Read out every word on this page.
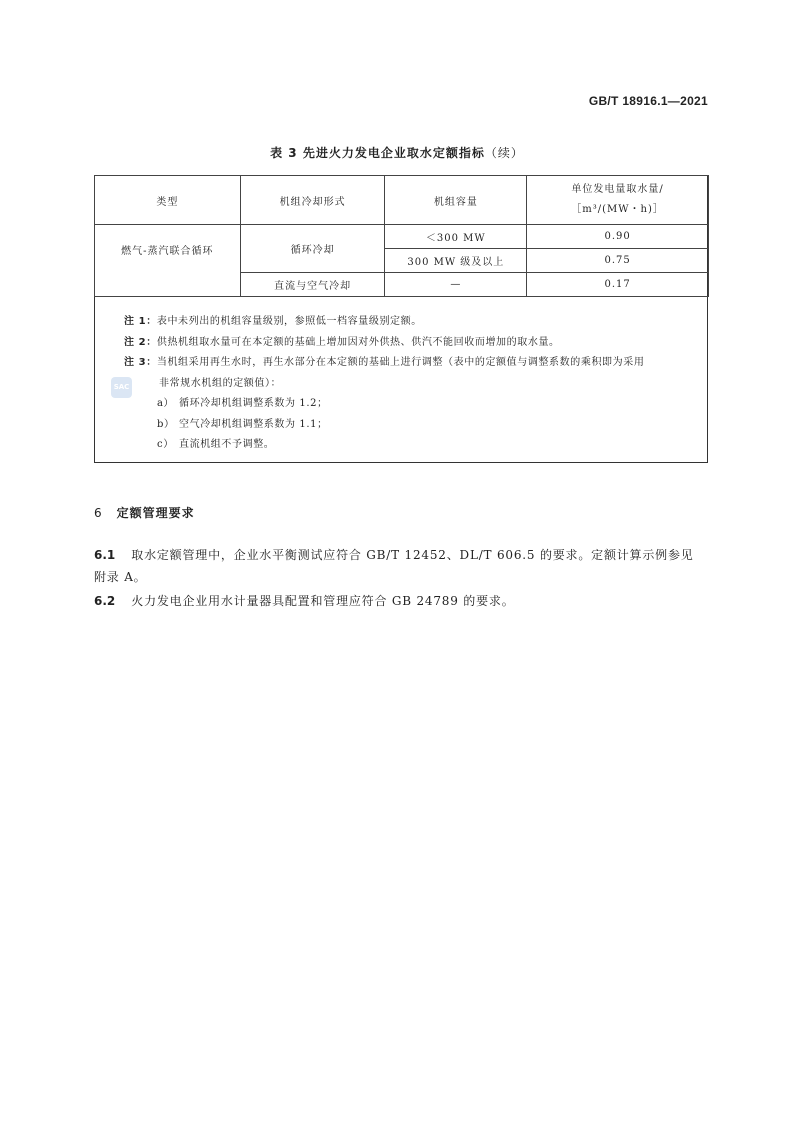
GB/T 18916.1—2021
表 3 先进火力发电企业取水定额指标（续）
类型	机组冷却形式	机组容量	单位发电量取水量/
［m³/(MW・h)］

燃气-蒸汽联合循环	循环冷却	＜300 MW	0.90
		300 MW 级及以上	0.75
	直流与空气冷却	—	0.17
SAC
注 1：表中未列出的机组容量级别，参照低一档容量级别定额。
注 2：供热机组取水量可在本定额的基础上增加因对外供热、供汽不能回收而增加的取水量。
注 3：当机组采用再生水时，再生水部分在本定额的基础上进行调整（表中的定额值与调整系数的乘积即为采用
非常规水机组的定额值）：
a） 循环冷却机组调整系数为 1.2；
b） 空气冷却机组调整系数为 1.1；
c） 直流机组不予调整。
6 定额管理要求
6.1 取水定额管理中，企业水平衡测试应符合 GB/T 12452、DL/T 606.5 的要求。定额计算示例参见
附录 A。
6.2 火力发电企业用水计量器具配置和管理应符合 GB 24789 的要求。
